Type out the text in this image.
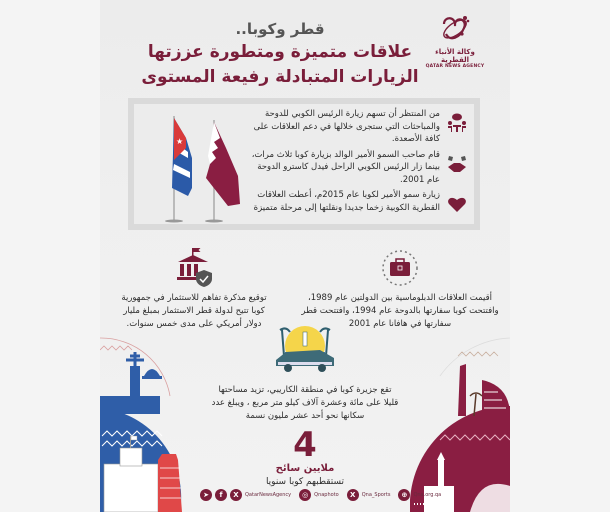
وكالة الأنباء القطرية
QATAR NEWS AGENCY
قطر وكوبا..
علاقات متميزة ومتطورة عززتها
الزيارات المتبادلة رفيعة المستوى
★
من المنتظر أن تسهم زيارة الرئيس الكوبي للدوحة والمباحثات التي ستجرى خلالها في دعم العلاقات على كافة الأصعدة.
قام صاحب السمو الأمير الوالد بزيارة كوبا ثلاث مرات، بينما زار الرئيس الكوبي الراحل فيدل كاسترو الدوحة عام 2001.
زيارة سمو الأمير لكوبا عام 2015م، أعطت العلاقات القطرية الكوبية زخما جديدا ونقلتها إلى مرحلة متميزة
توقيع مذكرة تفاهم للاستثمار في جمهورية كوبا تتيح لدولة قطر الاستثمار بمبلغ مليار دولار أمريكي على مدى خمس سنوات.
أقيمت العلاقات الدبلوماسية بين الدولتين عام 1989، وافتتحت كوبا سفارتها بالدوحة عام 1994، وافتتحت قطر سفارتها في هافانا عام 2001
تقع جزيرة كوبا في منطقة الكاريبي، تزيد مساحتها قليلا على مائة وعشرة آلاف كيلو متر مربع ، ويبلغ عدد سكانها نحو أحد عشر مليون نسمة
4
ملايين سائح
تستقطبهم كوبا سنويا
➤	f	X	QatarNewsAgency	◎	Qnaphoto	X	Qna_Sports	⊕	Qna.org.qa
